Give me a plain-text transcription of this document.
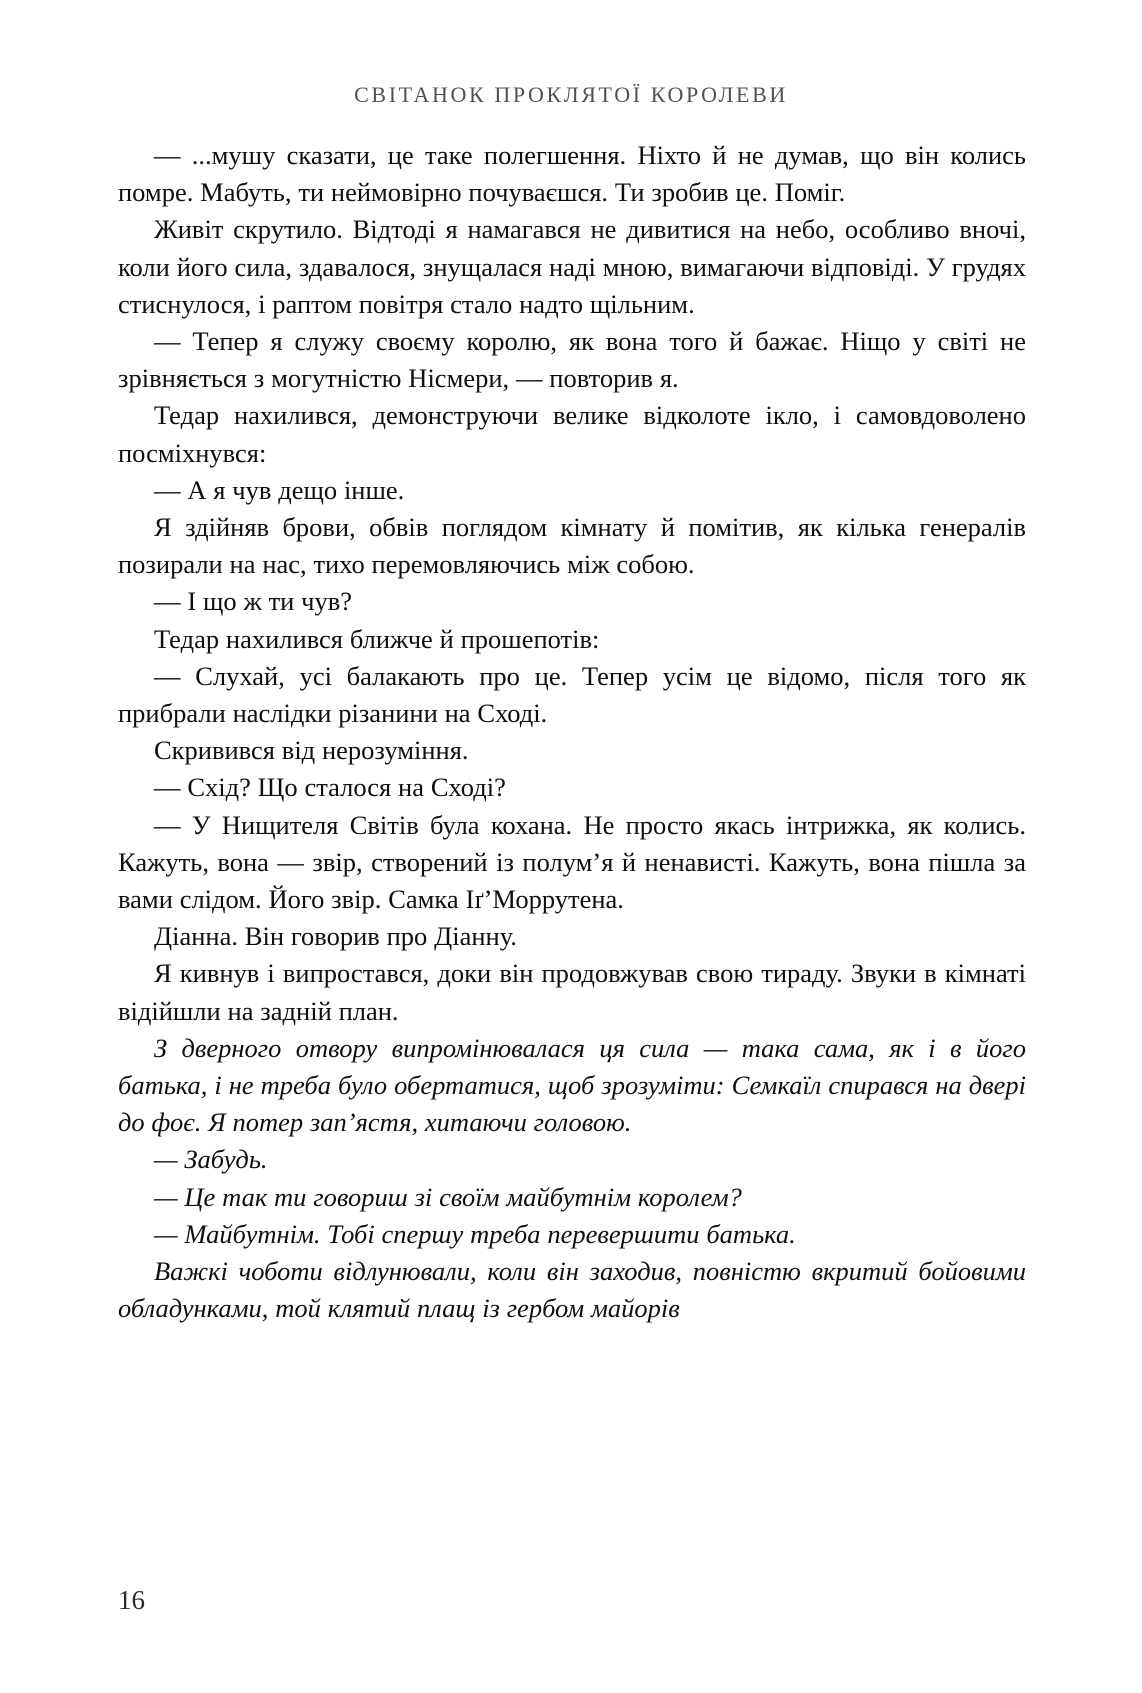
СВІТАНОК ПРОКЛЯТОЇ КОРОЛЕВИ

— ...мушу сказати, це таке полегшення. Ніхто й не думав, що він колись помре. Мабуть, ти неймовірно почуваєшся. Ти зробив це. Поміг.

Живіт скрутило. Відтоді я намагався не дивитися на небо, особливо вночі, коли його сила, здавалося, знущалася наді мною, вимагаючи відповіді. У грудях стиснулося, і раптом повітря стало надто щільним.

— Тепер я служу своєму королю, як вона того й бажає. Ніщо у світі не зрівняється з могутністю Нісмери, — повторив я.

Тедар нахилився, демонструючи велике відколоте ікло, і самовдоволено посміхнувся:

— А я чув дещо інше.

Я здійняв брови, обвів поглядом кімнату й помітив, як кілька генералів позирали на нас, тихо перемовляючись між собою.

— І що ж ти чув?

Тедар нахилився ближче й прошепотів:

— Слухай, усі балакають про це. Тепер усім це відомо, після того як прибрали наслідки різанини на Сході.

Скривився від нерозуміння.

— Схід? Що сталося на Сході?

— У Нищителя Світів була кохана. Не просто якась інтрижка, як колись. Кажуть, вона — звір, створений із полум’я й ненависті. Кажуть, вона пішла за вами слідом. Його звір. Самка Іґ’Моррутена.

Діанна. Він говорив про Діанну.

Я кивнув і випростався, доки він продовжував свою тираду. Звуки в кімнаті відійшли на задній план.

З дверного отвору випромінювалася ця сила — така сама, як і в його батька, і не треба було обертатися, щоб зрозуміти: Семкаїл спирався на двері до фоє. Я потер зап’ястя, хитаючи головою.

— Забудь.

— Це так ти говориш зі своїм майбутнім королем?

— Майбутнім. Тобі спершу треба перевершити батька.

Важкі чоботи відлунювали, коли він заходив, повністю вкритий бойовими обладунками, той клятий плащ із гербом майорів

16
